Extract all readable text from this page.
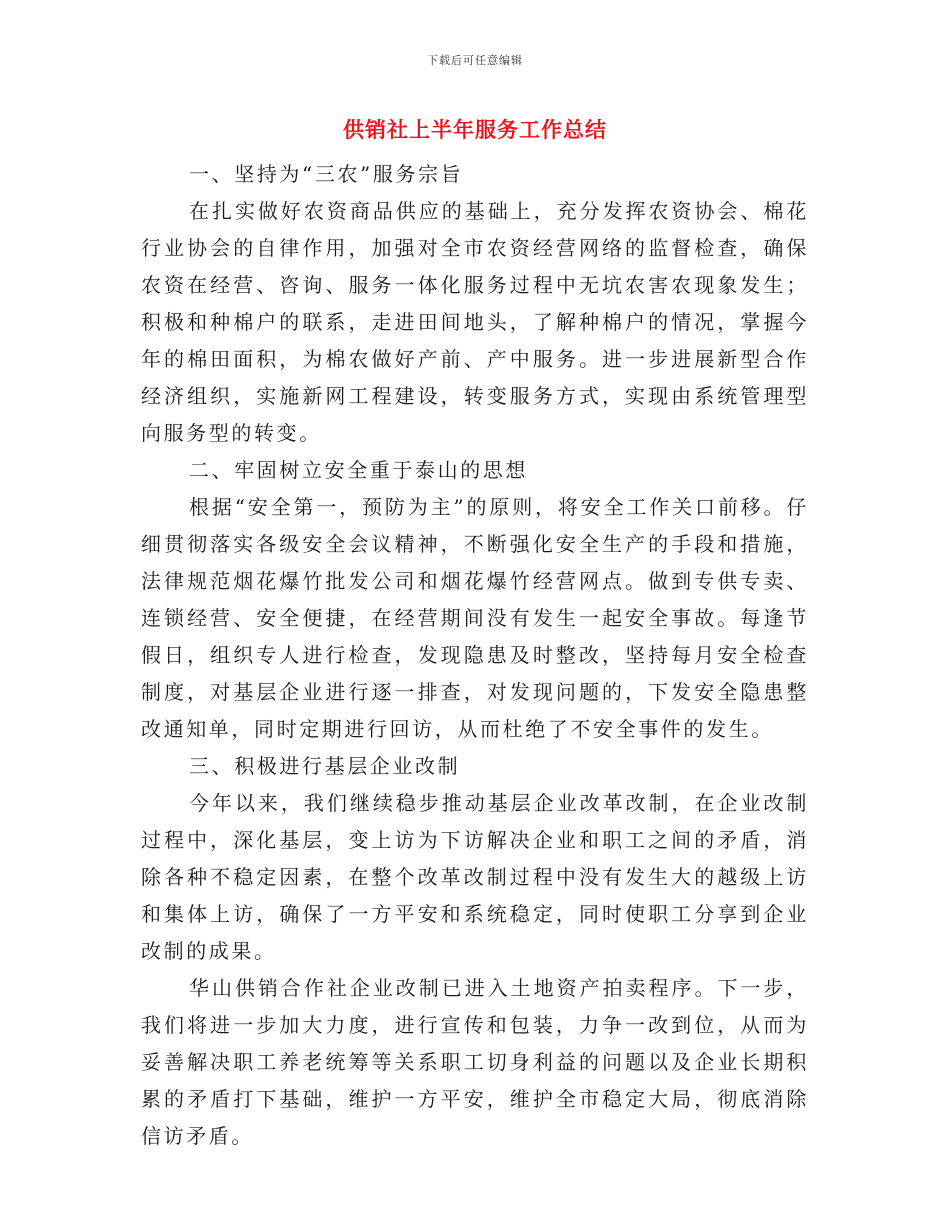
下载后可任意编辑
供销社上半年服务工作总结

一、坚持为“三农”服务宗旨

在扎实做好农资商品供应的基础上，充分发挥农资协会、棉花行业协会的自律作用，加强对全市农资经营网络的监督检查，确保农资在经营、咨询、服务一体化服务过程中无坑农害农现象发生；积极和种棉户的联系，走进田间地头，了解种棉户的情况，掌握今年的棉田面积，为棉农做好产前、产中服务。进一步进展新型合作经济组织，实施新网工程建设，转变服务方式，实现由系统管理型向服务型的转变。

二、牢固树立安全重于泰山的思想

根据“安全第一，预防为主”的原则，将安全工作关口前移。仔细贯彻落实各级安全会议精神，不断强化安全生产的手段和措施，法律规范烟花爆竹批发公司和烟花爆竹经营网点。做到专供专卖、连锁经营、安全便捷，在经营期间没有发生一起安全事故。每逢节假日，组织专人进行检查，发现隐患及时整改，坚持每月安全检查制度，对基层企业进行逐一排查，对发现问题的，下发安全隐患整改通知单，同时定期进行回访，从而杜绝了不安全事件的发生。

三、积极进行基层企业改制

今年以来，我们继续稳步推动基层企业改革改制，在企业改制过程中，深化基层，变上访为下访解决企业和职工之间的矛盾，消除各种不稳定因素，在整个改革改制过程中没有发生大的越级上访和集体上访，确保了一方平安和系统稳定，同时使职工分享到企业改制的成果。

华山供销合作社企业改制已进入土地资产拍卖程序。下一步，我们将进一步加大力度，进行宣传和包装，力争一改到位，从而为妥善解决职工养老统筹等关系职工切身利益的问题以及企业长期积累的矛盾打下基础，维护一方平安，维护全市稳定大局，彻底消除信访矛盾。
